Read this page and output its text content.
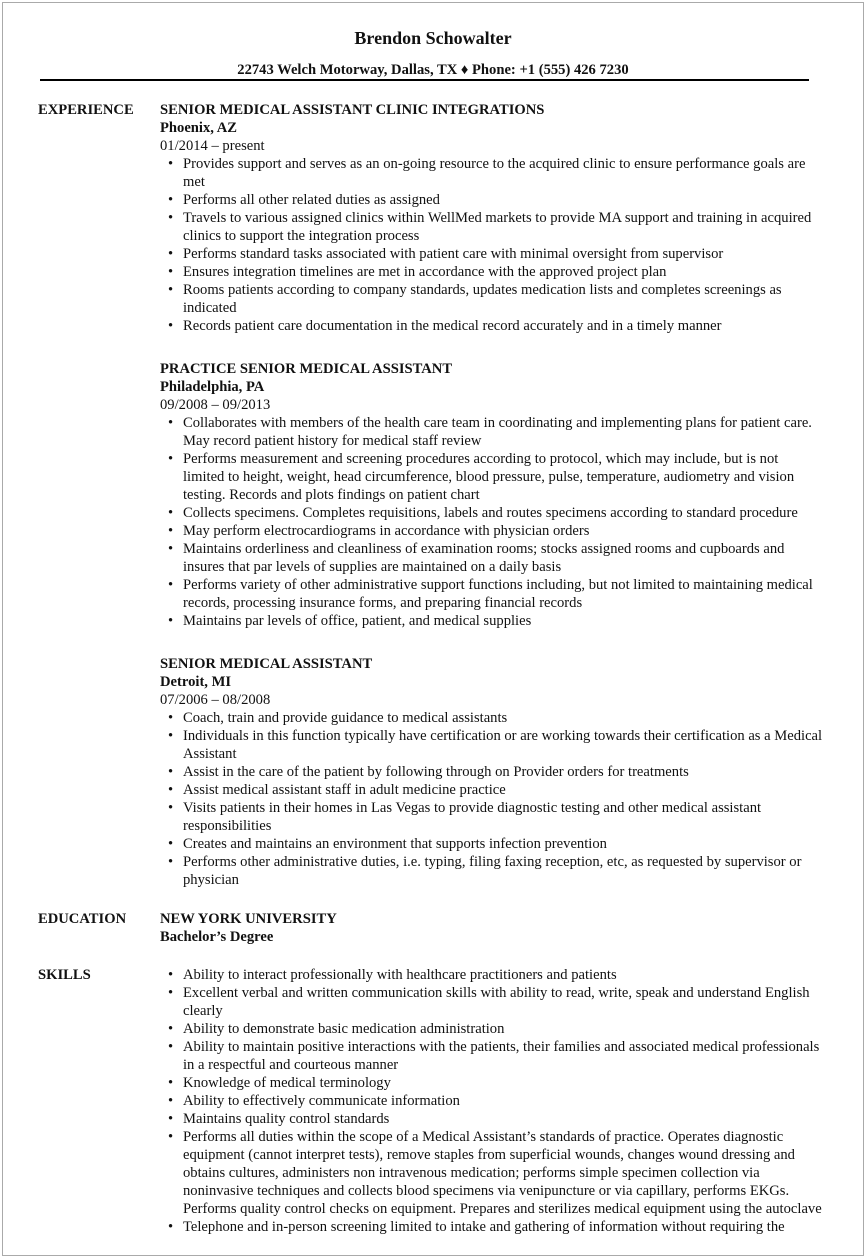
Brendon Schowalter
22743 Welch Motorway, Dallas, TX ♦ Phone: +1 (555) 426 7230
EXPERIENCE	SENIOR MEDICAL ASSISTANT CLINIC INTEGRATIONS
Phoenix, AZ
01/2014 – present
• Provides support and serves as an on-going resource to the acquired clinic to ensure performance goals are met
• Performs all other related duties as assigned
• Travels to various assigned clinics within WellMed markets to provide MA support and training in acquired clinics to support the integration process
• Performs standard tasks associated with patient care with minimal oversight from supervisor
• Ensures integration timelines are met in accordance with the approved project plan
• Rooms patients according to company standards, updates medication lists and completes screenings as indicated
• Records patient care documentation in the medical record accurately and in a timely manner
PRACTICE SENIOR MEDICAL ASSISTANT
Philadelphia, PA
09/2008 – 09/2013
• Collaborates with members of the health care team in coordinating and implementing plans for patient care. May record patient history for medical staff review
• Performs measurement and screening procedures according to protocol, which may include, but is not limited to height, weight, head circumference, blood pressure, pulse, temperature, audiometry and vision testing. Records and plots findings on patient chart
• Collects specimens. Completes requisitions, labels and routes specimens according to standard procedure
• May perform electrocardiograms in accordance with physician orders
• Maintains orderliness and cleanliness of examination rooms; stocks assigned rooms and cupboards and insures that par levels of supplies are maintained on a daily basis
• Performs variety of other administrative support functions including, but not limited to maintaining medical records, processing insurance forms, and preparing financial records
• Maintains par levels of office, patient, and medical supplies
SENIOR MEDICAL ASSISTANT
Detroit, MI
07/2006 – 08/2008
• Coach, train and provide guidance to medical assistants
• Individuals in this function typically have certification or are working towards their certification as a Medical Assistant
• Assist in the care of the patient by following through on Provider orders for treatments
• Assist medical assistant staff in adult medicine practice
• Visits patients in their homes in Las Vegas to provide diagnostic testing and other medical assistant responsibilities
• Creates and maintains an environment that supports infection prevention
• Performs other administrative duties, i.e. typing, filing faxing reception, etc, as requested by supervisor or physician
EDUCATION	NEW YORK UNIVERSITY
Bachelor’s Degree
SKILLS	• Ability to interact professionally with healthcare practitioners and patients
• Excellent verbal and written communication skills with ability to read, write, speak and understand English clearly
• Ability to demonstrate basic medication administration
• Ability to maintain positive interactions with the patients, their families and associated medical professionals in a respectful and courteous manner
• Knowledge of medical terminology
• Ability to effectively communicate information
• Maintains quality control standards
• Performs all duties within the scope of a Medical Assistant’s standards of practice. Operates diagnostic equipment (cannot interpret tests), remove staples from superficial wounds, changes wound dressing and obtains cultures, administers non intravenous medication; performs simple specimen collection via noninvasive techniques and collects blood specimens via venipuncture or via capillary, performs EKGs. Performs quality control checks on equipment. Prepares and sterilizes medical equipment using the autoclave
• Telephone and in-person screening limited to intake and gathering of information without requiring the
